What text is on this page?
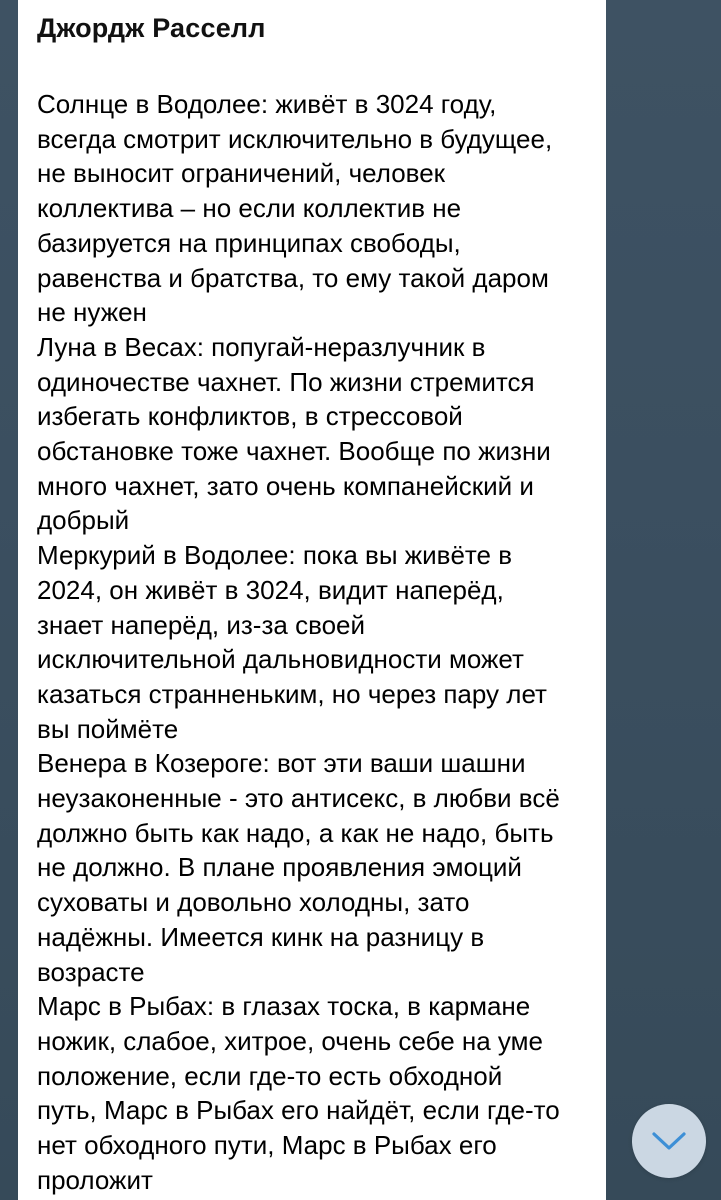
Джордж Расселл
Солнце в Водолее: живёт в 3024 году,
всегда смотрит исключительно в будущее,
не выносит ограничений, человек
коллектива – но если коллектив не
базируется на принципах свободы,
равенства и братства, то ему такой даром
не нужен
Луна в Весах: попугай-неразлучник в
одиночестве чахнет. По жизни стремится
избегать конфликтов, в стрессовой
обстановке тоже чахнет. Вообще по жизни
много чахнет, зато очень компанейский и
добрый
Меркурий в Водолее: пока вы живёте в
2024, он живёт в 3024, видит наперёд,
знает наперёд, из-за своей
исключительной дальновидности может
казаться странненьким, но через пару лет
вы поймёте
Венера в Козероге: вот эти ваши шашни
неузаконенные - это антисекс, в любви всё
должно быть как надо, а как не надо, быть
не должно. В плане проявления эмоций
суховаты и довольно холодны, зато
надёжны. Имеется кинк на разницу в
возрасте
Марс в Рыбах: в глазах тоска, в кармане
ножик, слабое, хитрое, очень себе на уме
положение, если где-то есть обходной
путь, Марс в Рыбах его найдёт, если где-то
нет обходного пути, Марс в Рыбах его
проложит
